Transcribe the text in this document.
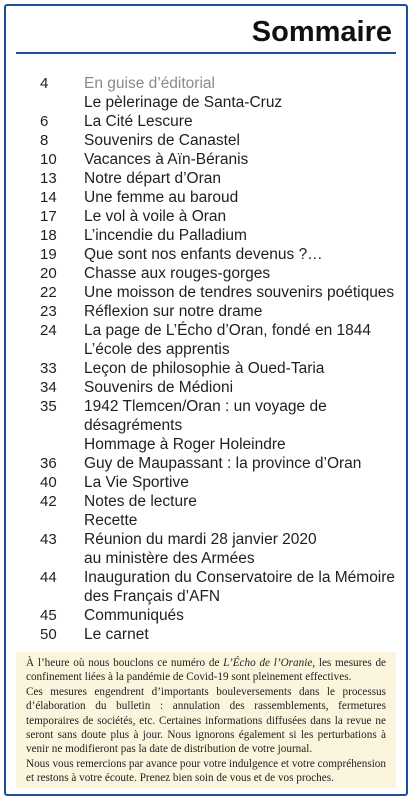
Sommaire
4	En guise d’éditorial
Le pèlerinage de Santa-Cruz
6	La Cité Lescure
8	Souvenirs de Canastel
10	Vacances à Aïn-Béranis
13	Notre départ d’Oran
14	Une femme au baroud
17	Le vol à voile à Oran
18	L’incendie du Palladium
19	Que sont nos enfants devenus ?…
20	Chasse aux rouges-gorges
22	Une moisson de tendres souvenirs poétiques
23	Réflexion sur notre drame
24	La page de L’Écho d’Oran, fondé en 1844
L’école des apprentis
33	Leçon de philosophie à Oued-Taria
34	Souvenirs de Médioni
35	1942 Tlemcen/Oran : un voyage de désagréments
Hommage à Roger Holeindre
36	Guy de Maupassant : la province d’Oran
40	La Vie Sportive
42	Notes de lecture
Recette
43	Réunion du mardi 28 janvier 2020
au ministère des Armées
44	Inauguration du Conservatoire de la Mémoire
des Français d’AFN
45	Communiqués
50	Le carnet

À l’heure où nous bouclons ce numéro de L’Écho de l’Oranie, les mesures de confinement liées à la pandémie de Covid-19 sont pleinement effectives.

Ces mesures engendrent d’importants bouleversements dans le processus d’élaboration du bulletin : annulation des rassemblements, fermetures temporaires de sociétés, etc. Certaines informations diffusées dans la revue ne seront sans doute plus à jour. Nous ignorons également si les perturbations à venir ne modifieront pas la date de distribution de votre journal.

Nous vous remercions par avance pour votre indulgence et votre compréhension et restons à votre écoute. Prenez bien soin de vous et de vos proches.
